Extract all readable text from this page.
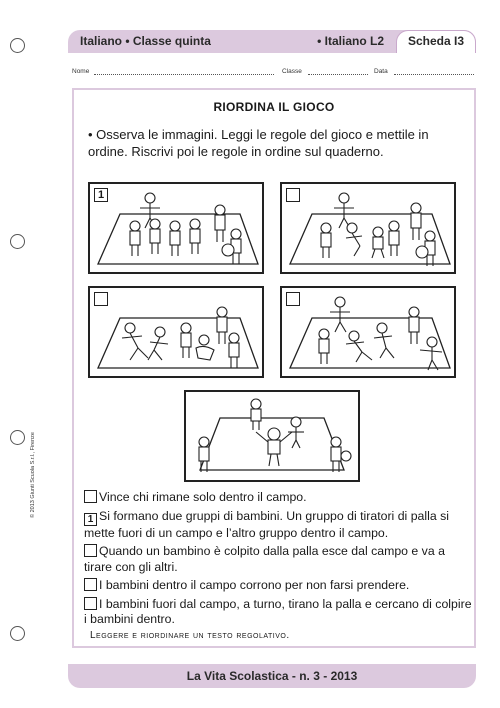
Italiano • Classe quinta	• Italiano L2	Scheda I3
Nome	Classe	Data
RIORDINA IL GIOCO
• Osserva le immagini. Leggi le regole del gioco e mettile in ordine. Riscrivi poi le regole in ordine sul quaderno.
1
Vince chi rimane solo dentro il campo.
1 Si formano due gruppi di bambini. Un gruppo di tiratori di palla si mette fuori di un campo e l’altro gruppo dentro il campo.
Quando un bambino è colpito dalla palla esce dal campo e va a tirare con gli altri.
I bambini dentro il campo corrono per non farsi prendere.
I bambini fuori dal campo, a turno, tirano la palla e cercano di colpire i bambini dentro.
Leggere e riordinare un testo regolativo.
© 2013 Giunti Scuola S.r.l., Firenze
La Vita Scolastica - n. 3 - 2013
